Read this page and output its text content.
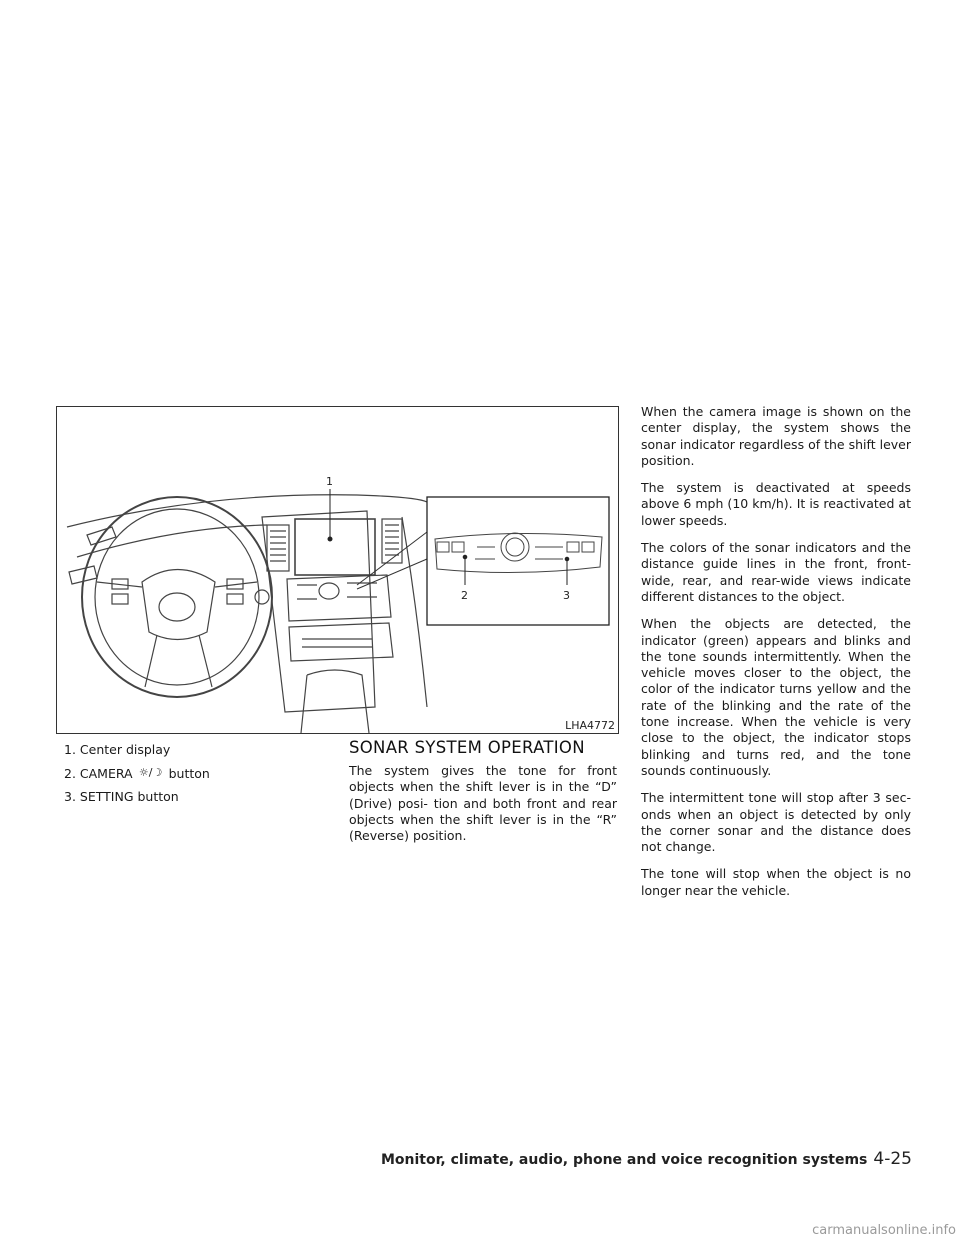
1
2	3
LHA4772
1. Center display
2. CAMERA ☼/☽ button
3. SETTING button
SONAR SYSTEM OPERATION

The system gives the tone for front objects when the shift lever is in the “D” (Drive) posi- tion and both front and rear objects when the shift lever is in the “R” (Reverse) position.

When the camera image is shown on the center display, the system shows the sonar indicator regardless of the shift lever position.

The system is deactivated at speeds above 6 mph (10 km/h). It is reactivated at lower speeds.

The colors of the sonar indicators and the distance guide lines in the front, front-wide, rear, and rear-wide views indicate different distances to the object.

When the objects are detected, the indicator (green) appears and blinks and the tone sounds intermittently. When the vehicle moves closer to the object, the color of the indicator turns yellow and the rate of the blinking and the rate of the tone increase. When the vehicle is very close to the object, the indicator stops blinking and turns red, and the tone sounds continuously.

The intermittent tone will stop after 3 sec- onds when an object is detected by only the corner sonar and the distance does not change.

The tone will stop when the object is no longer near the vehicle.

Monitor, climate, audio, phone and voice recognition systems 4-25
carmanualsonline.info
